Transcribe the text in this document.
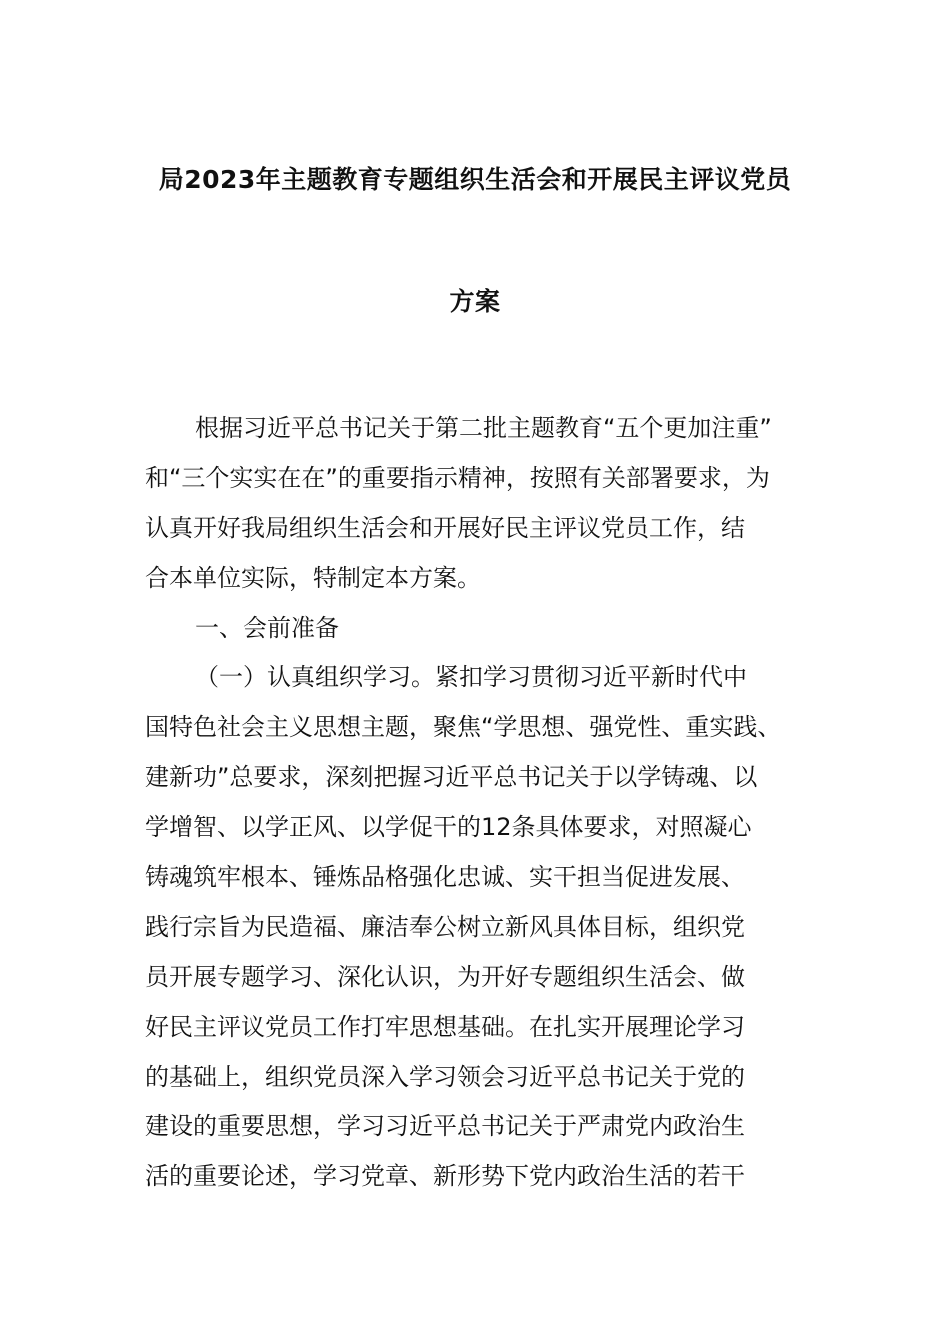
局2023年主题教育专题组织生活会和开展民主评议党员
方案
根据习近平总书记关于第二批主题教育“五个更加注重”
和“三个实实在在”的重要指示精神，按照有关部署要求，为
认真开好我局组织生活会和开展好民主评议党员工作，结
合本单位实际，特制定本方案。
一、会前准备
（一）认真组织学习。紧扣学习贯彻习近平新时代中
国特色社会主义思想主题，聚焦“学思想、强党性、重实践、
建新功”总要求，深刻把握习近平总书记关于以学铸魂、以
学增智、以学正风、以学促干的12条具体要求，对照凝心
铸魂筑牢根本、锤炼品格强化忠诚、实干担当促进发展、
践行宗旨为民造福、廉洁奉公树立新风具体目标，组织党
员开展专题学习、深化认识，为开好专题组织生活会、做
好民主评议党员工作打牢思想基础。在扎实开展理论学习
的基础上，组织党员深入学习领会习近平总书记关于党的
建设的重要思想，学习习近平总书记关于严肃党内政治生
活的重要论述，学习党章、新形势下党内政治生活的若干
